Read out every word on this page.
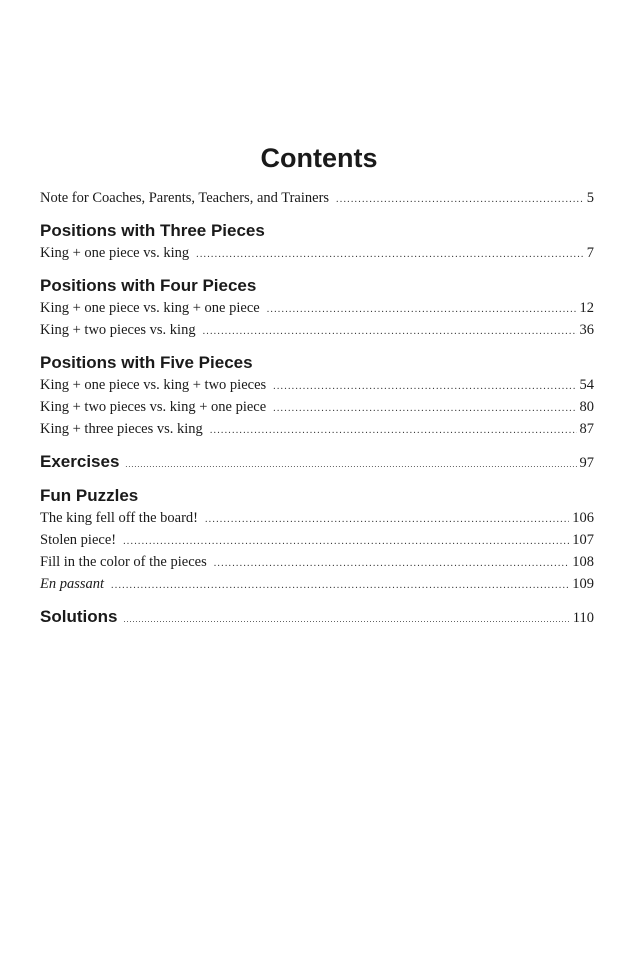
Contents
Note for Coaches, Parents, Teachers, and Trainers .....	5
Positions with Three Pieces
King + one piece vs. king .....	7
Positions with Four Pieces
King + one piece vs. king + one piece .....	12
King + two pieces vs. king .....	36
Positions with Five Pieces
King + one piece vs. king + two pieces .....	54
King + two pieces vs. king + one piece .....	80
King + three pieces vs. king .....	87
Exercises .....	97
Fun Puzzles
The king fell off the board! .....	106
Stolen piece! .....	107
Fill in the color of the pieces .....	108
En passant .....	109
Solutions .....	110
